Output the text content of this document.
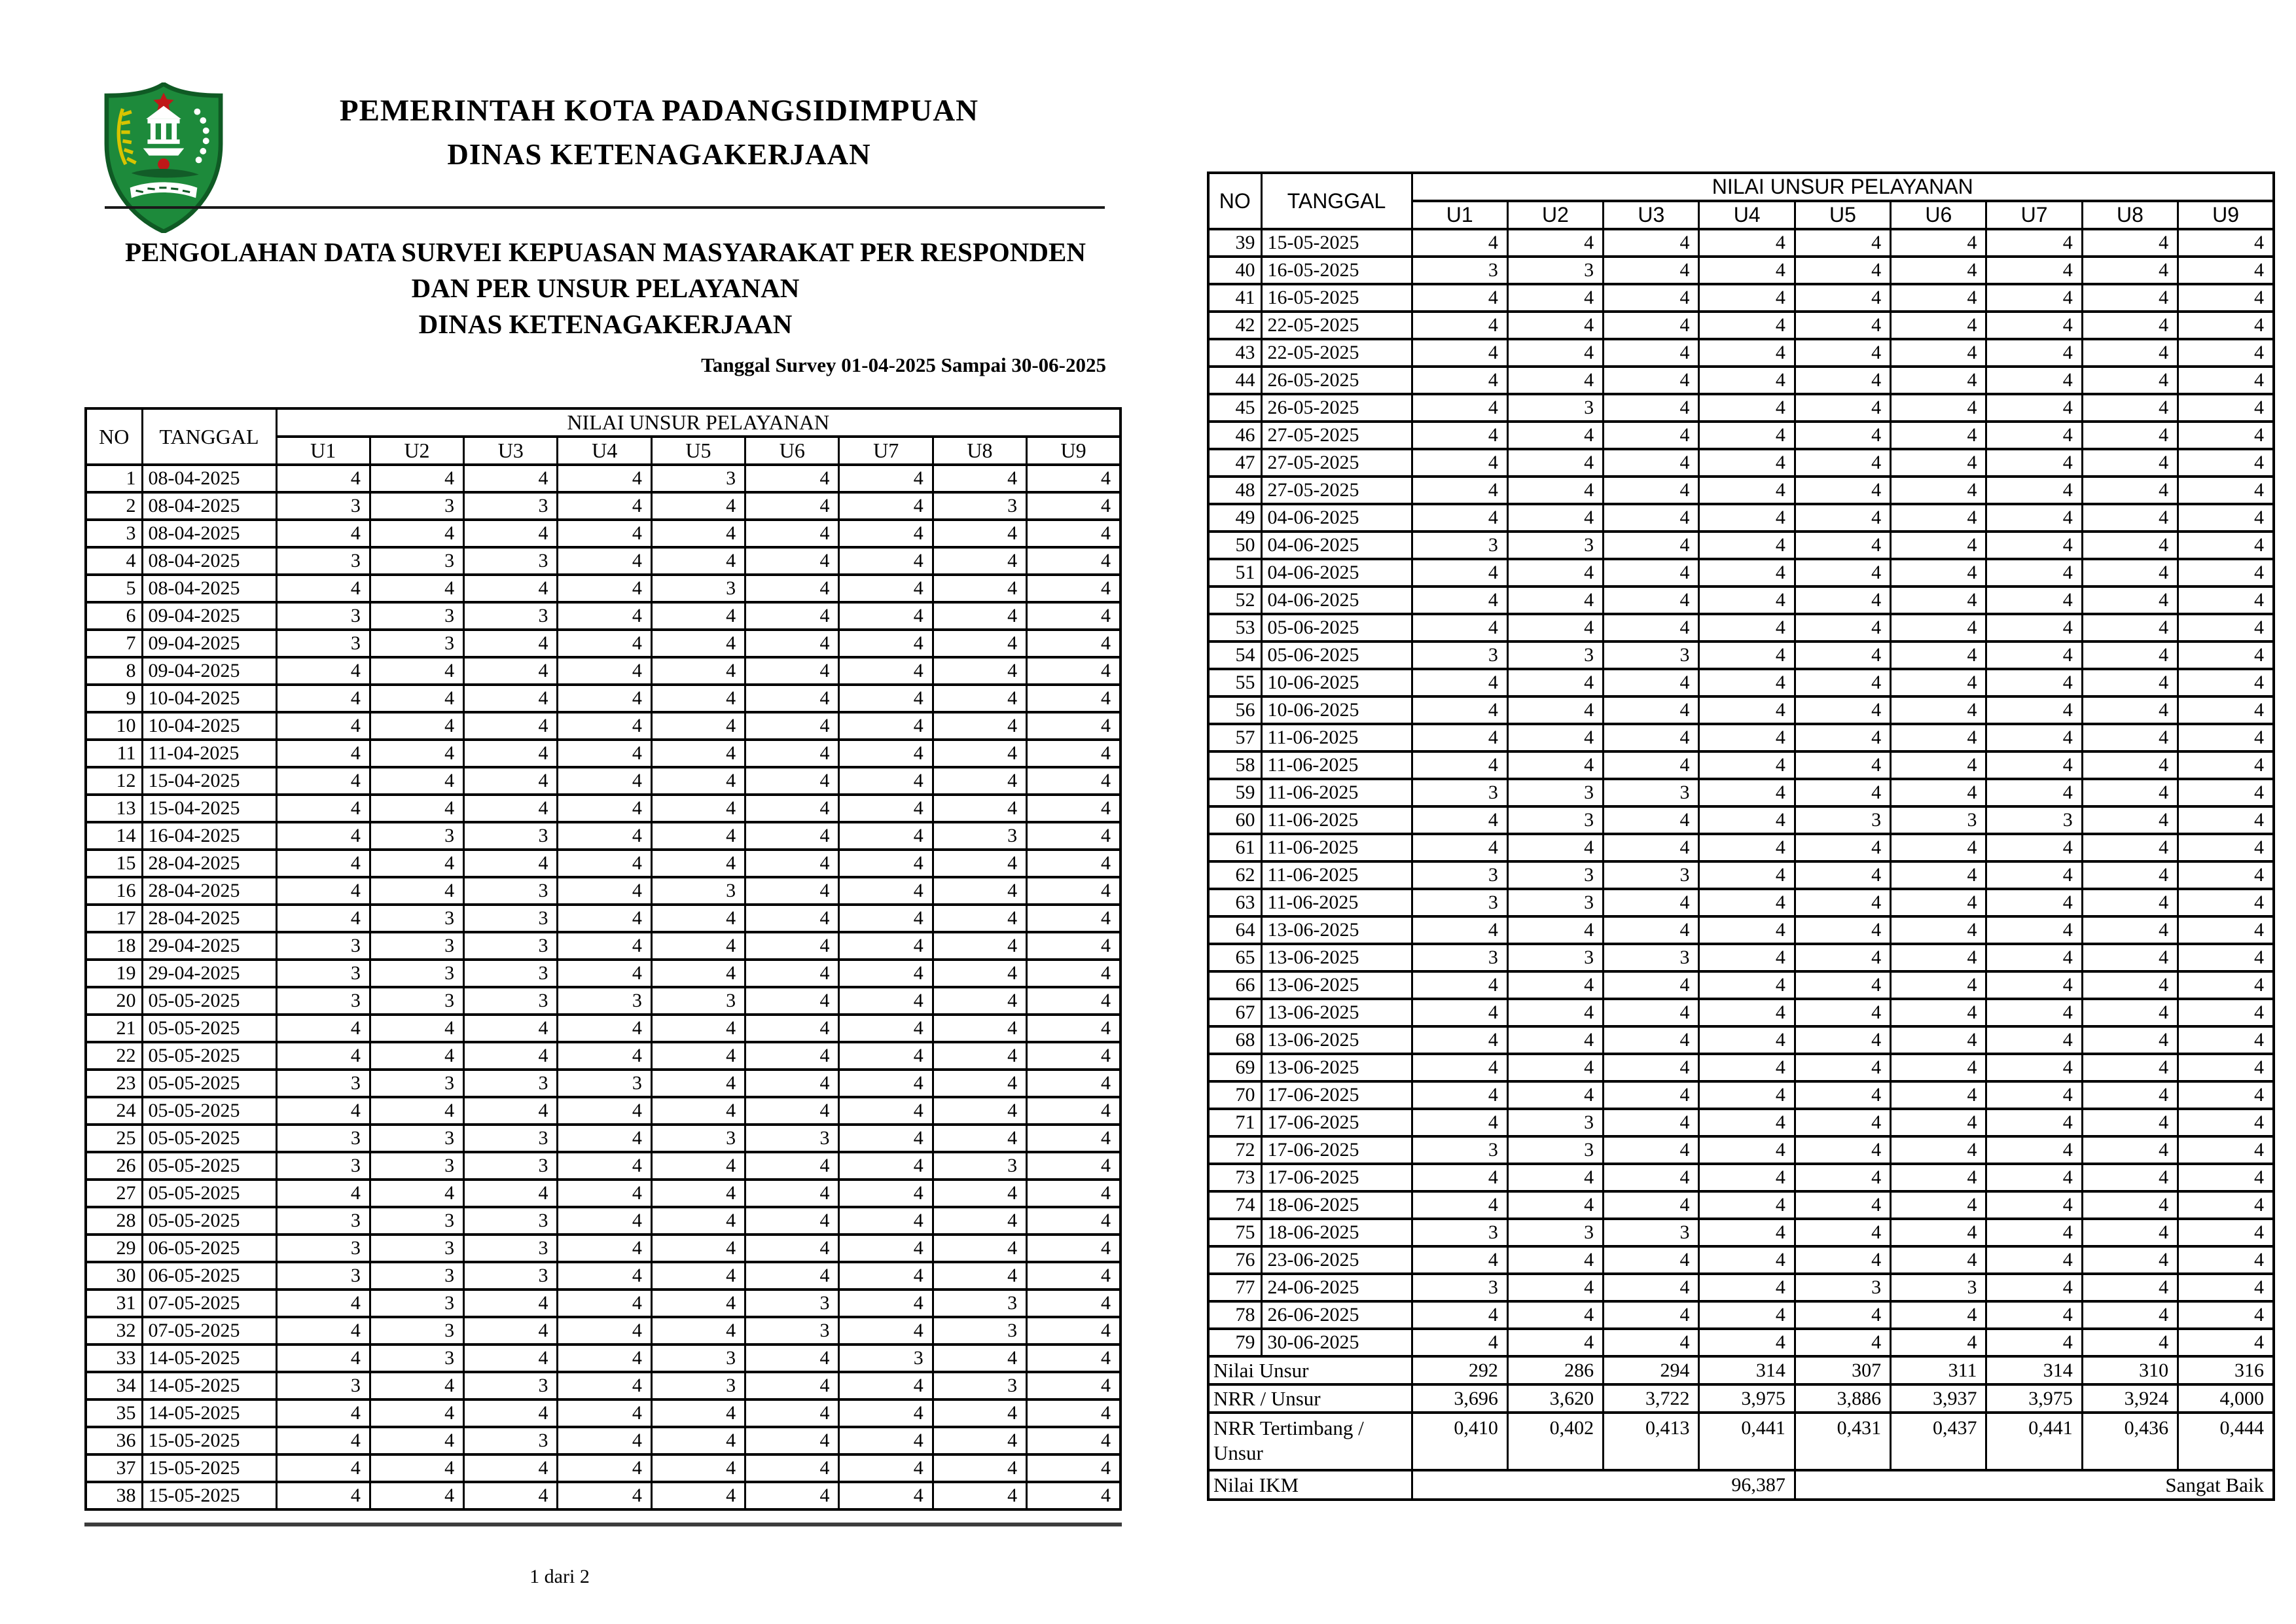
PEMERINTAH KOTA PADANGSIDIMPUAN
DINAS KETENAGAKERJAAN
PENGOLAHAN DATA SURVEI KEPUASAN MASYARAKAT PER RESPONDEN
DAN PER UNSUR PELAYANAN
DINAS KETENAGAKERJAAN
Tanggal Survey 01-04-2025 Sampai 30-06-2025
NO	TANGGAL	NILAI UNSUR PELAYANAN								
		U1	U2	U3	U4	U5	U6	U7	U8	U9
1	08-04-2025	4	4	4	4	3	4	4	4	4
2	08-04-2025	3	3	3	4	4	4	4	3	4
3	08-04-2025	4	4	4	4	4	4	4	4	4
4	08-04-2025	3	3	3	4	4	4	4	4	4
5	08-04-2025	4	4	4	4	3	4	4	4	4
6	09-04-2025	3	3	3	4	4	4	4	4	4
7	09-04-2025	3	3	4	4	4	4	4	4	4
8	09-04-2025	4	4	4	4	4	4	4	4	4
9	10-04-2025	4	4	4	4	4	4	4	4	4
10	10-04-2025	4	4	4	4	4	4	4	4	4
11	11-04-2025	4	4	4	4	4	4	4	4	4
12	15-04-2025	4	4	4	4	4	4	4	4	4
13	15-04-2025	4	4	4	4	4	4	4	4	4
14	16-04-2025	4	3	3	4	4	4	4	3	4
15	28-04-2025	4	4	4	4	4	4	4	4	4
16	28-04-2025	4	4	3	4	3	4	4	4	4
17	28-04-2025	4	3	3	4	4	4	4	4	4
18	29-04-2025	3	3	3	4	4	4	4	4	4
19	29-04-2025	3	3	3	4	4	4	4	4	4
20	05-05-2025	3	3	3	3	3	4	4	4	4
21	05-05-2025	4	4	4	4	4	4	4	4	4
22	05-05-2025	4	4	4	4	4	4	4	4	4
23	05-05-2025	3	3	3	3	4	4	4	4	4
24	05-05-2025	4	4	4	4	4	4	4	4	4
25	05-05-2025	3	3	3	4	3	3	4	4	4
26	05-05-2025	3	3	3	4	4	4	4	3	4
27	05-05-2025	4	4	4	4	4	4	4	4	4
28	05-05-2025	3	3	3	4	4	4	4	4	4
29	06-05-2025	3	3	3	4	4	4	4	4	4
30	06-05-2025	3	3	3	4	4	4	4	4	4
31	07-05-2025	4	3	4	4	4	3	4	3	4
32	07-05-2025	4	3	4	4	4	3	4	3	4
33	14-05-2025	4	3	4	4	3	4	3	4	4
34	14-05-2025	3	4	3	4	3	4	4	3	4
35	14-05-2025	4	4	4	4	4	4	4	4	4
36	15-05-2025	4	4	3	4	4	4	4	4	4
37	15-05-2025	4	4	4	4	4	4	4	4	4
38	15-05-2025	4	4	4	4	4	4	4	4	4
NO	TANGGAL	NILAI UNSUR PELAYANAN								
		U1	U2	U3	U4	U5	U6	U7	U8	U9
39	15-05-2025	4	4	4	4	4	4	4	4	4
40	16-05-2025	3	3	4	4	4	4	4	4	4
41	16-05-2025	4	4	4	4	4	4	4	4	4
42	22-05-2025	4	4	4	4	4	4	4	4	4
43	22-05-2025	4	4	4	4	4	4	4	4	4
44	26-05-2025	4	4	4	4	4	4	4	4	4
45	26-05-2025	4	3	4	4	4	4	4	4	4
46	27-05-2025	4	4	4	4	4	4	4	4	4
47	27-05-2025	4	4	4	4	4	4	4	4	4
48	27-05-2025	4	4	4	4	4	4	4	4	4
49	04-06-2025	4	4	4	4	4	4	4	4	4
50	04-06-2025	3	3	4	4	4	4	4	4	4
51	04-06-2025	4	4	4	4	4	4	4	4	4
52	04-06-2025	4	4	4	4	4	4	4	4	4
53	05-06-2025	4	4	4	4	4	4	4	4	4
54	05-06-2025	3	3	3	4	4	4	4	4	4
55	10-06-2025	4	4	4	4	4	4	4	4	4
56	10-06-2025	4	4	4	4	4	4	4	4	4
57	11-06-2025	4	4	4	4	4	4	4	4	4
58	11-06-2025	4	4	4	4	4	4	4	4	4
59	11-06-2025	3	3	3	4	4	4	4	4	4
60	11-06-2025	4	3	4	4	3	3	3	4	4
61	11-06-2025	4	4	4	4	4	4	4	4	4
62	11-06-2025	3	3	3	4	4	4	4	4	4
63	11-06-2025	3	3	4	4	4	4	4	4	4
64	13-06-2025	4	4	4	4	4	4	4	4	4
65	13-06-2025	3	3	3	4	4	4	4	4	4
66	13-06-2025	4	4	4	4	4	4	4	4	4
67	13-06-2025	4	4	4	4	4	4	4	4	4
68	13-06-2025	4	4	4	4	4	4	4	4	4
69	13-06-2025	4	4	4	4	4	4	4	4	4
70	17-06-2025	4	4	4	4	4	4	4	4	4
71	17-06-2025	4	3	4	4	4	4	4	4	4
72	17-06-2025	3	3	4	4	4	4	4	4	4
73	17-06-2025	4	4	4	4	4	4	4	4	4
74	18-06-2025	4	4	4	4	4	4	4	4	4
75	18-06-2025	3	3	3	4	4	4	4	4	4
76	23-06-2025	4	4	4	4	4	4	4	4	4
77	24-06-2025	3	4	4	4	3	3	4	4	4
78	26-06-2025	4	4	4	4	4	4	4	4	4
79	30-06-2025	4	4	4	4	4	4	4	4	4
Nilai Unsur		292	286	294	314	307	311	314	310	316
NRR / Unsur		3,696	3,620	3,722	3,975	3,886	3,937	3,975	3,924	4,000
NRR Tertimbang / Unsur		0,410	0,402	0,413	0,441	0,431	0,437	0,441	0,436	0,444
Nilai IKM		96,387				Sangat Baik				
1 dari 2
